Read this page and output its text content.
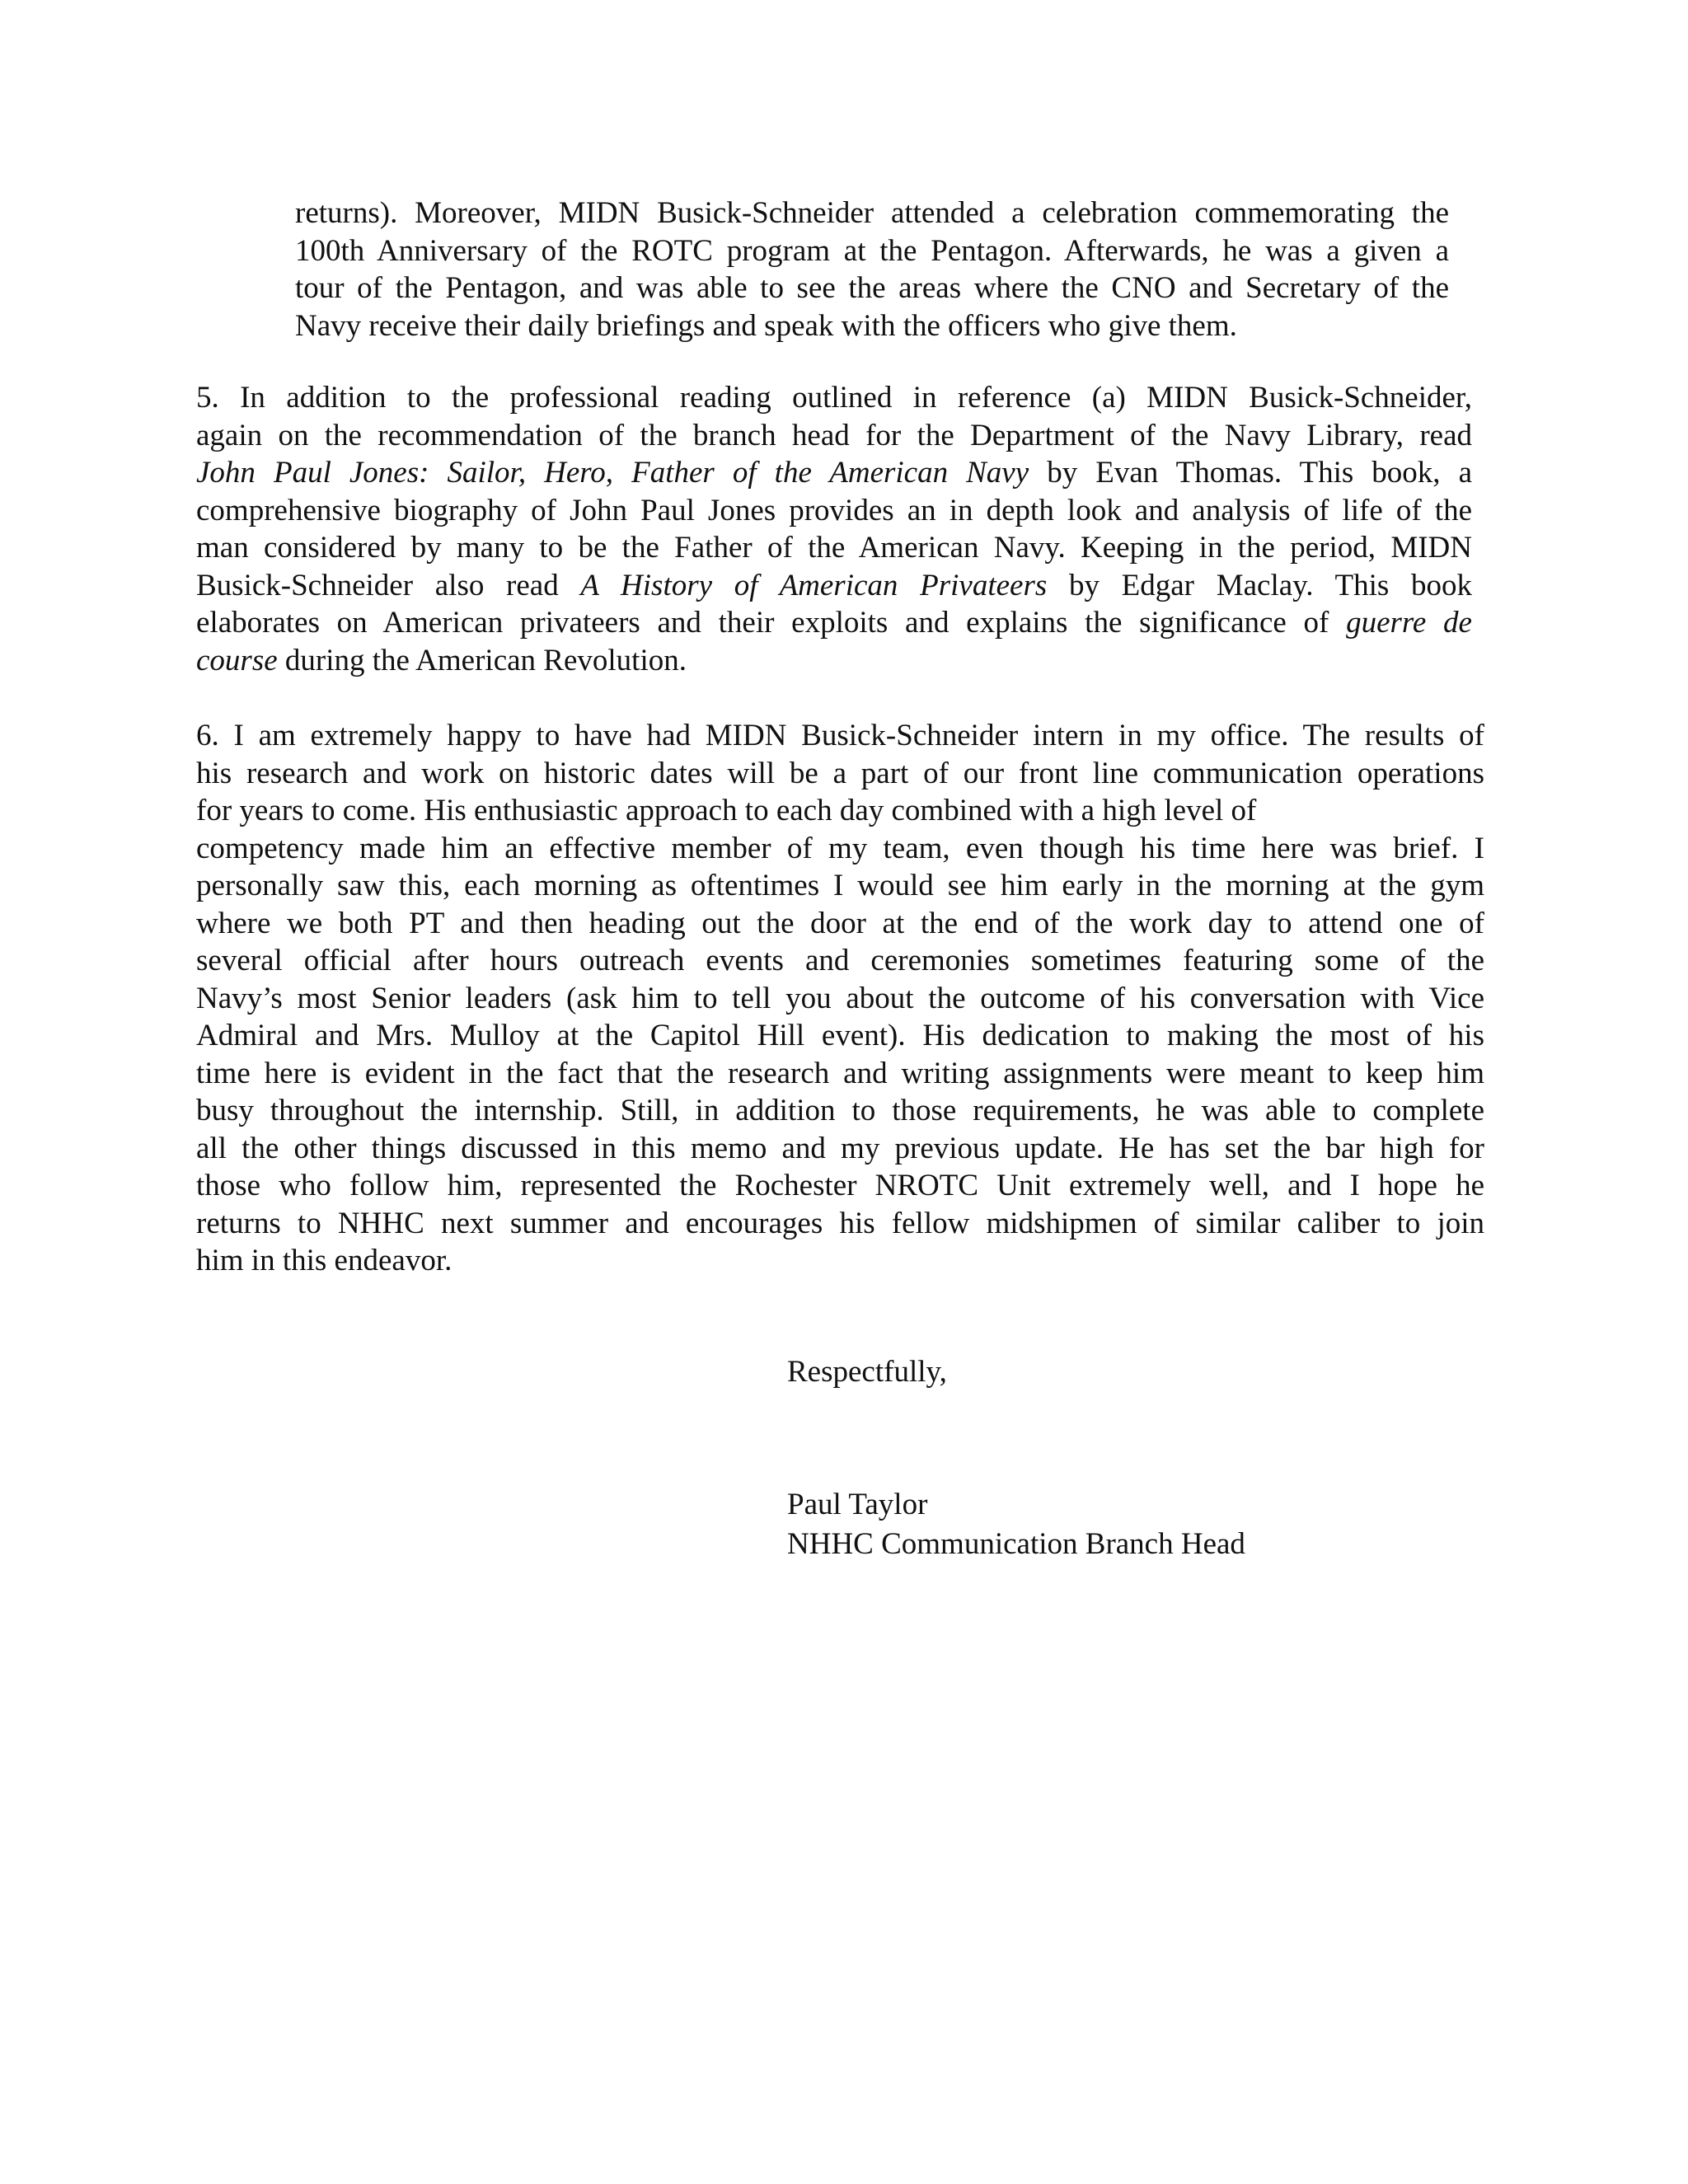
returns). Moreover, MIDN Busick-Schneider attended a celebration commemorating the
100th Anniversary of the ROTC program at the Pentagon. Afterwards, he was a given a
tour of the Pentagon, and was able to see the areas where the CNO and Secretary of the
Navy receive their daily briefings and speak with the officers who give them.
5. In addition to the professional reading outlined in reference (a) MIDN Busick-Schneider,
again on the recommendation of the branch head for the Department of the Navy Library, read
John Paul Jones: Sailor, Hero, Father of the American Navy by Evan Thomas. This book, a
comprehensive biography of John Paul Jones provides an in depth look and analysis of life of the
man considered by many to be the Father of the American Navy. Keeping in the period, MIDN
Busick-Schneider also read A History of American Privateers by Edgar Maclay. This book
elaborates on American privateers and their exploits and explains the significance of guerre de
course during the American Revolution.
6. I am extremely happy to have had MIDN Busick-Schneider intern in my office. The results of
his research and work on historic dates will be a part of our front line communication operations
for years to come. His enthusiastic approach to each day combined with a high level of
competency made him an effective member of my team, even though his time here was brief. I
personally saw this, each morning as oftentimes I would see him early in the morning at the gym
where we both PT and then heading out the door at the end of the work day to attend one of
several official after hours outreach events and ceremonies sometimes featuring some of the
Navy’s most Senior leaders (ask him to tell you about the outcome of his conversation with Vice
Admiral and Mrs. Mulloy at the Capitol Hill event). His dedication to making the most of his
time here is evident in the fact that the research and writing assignments were meant to keep him
busy throughout the internship. Still, in addition to those requirements, he was able to complete
all the other things discussed in this memo and my previous update. He has set the bar high for
those who follow him, represented the Rochester NROTC Unit extremely well, and I hope he
returns to NHHC next summer and encourages his fellow midshipmen of similar caliber to join
him in this endeavor.
Respectfully,
Paul Taylor
NHHC Communication Branch Head
